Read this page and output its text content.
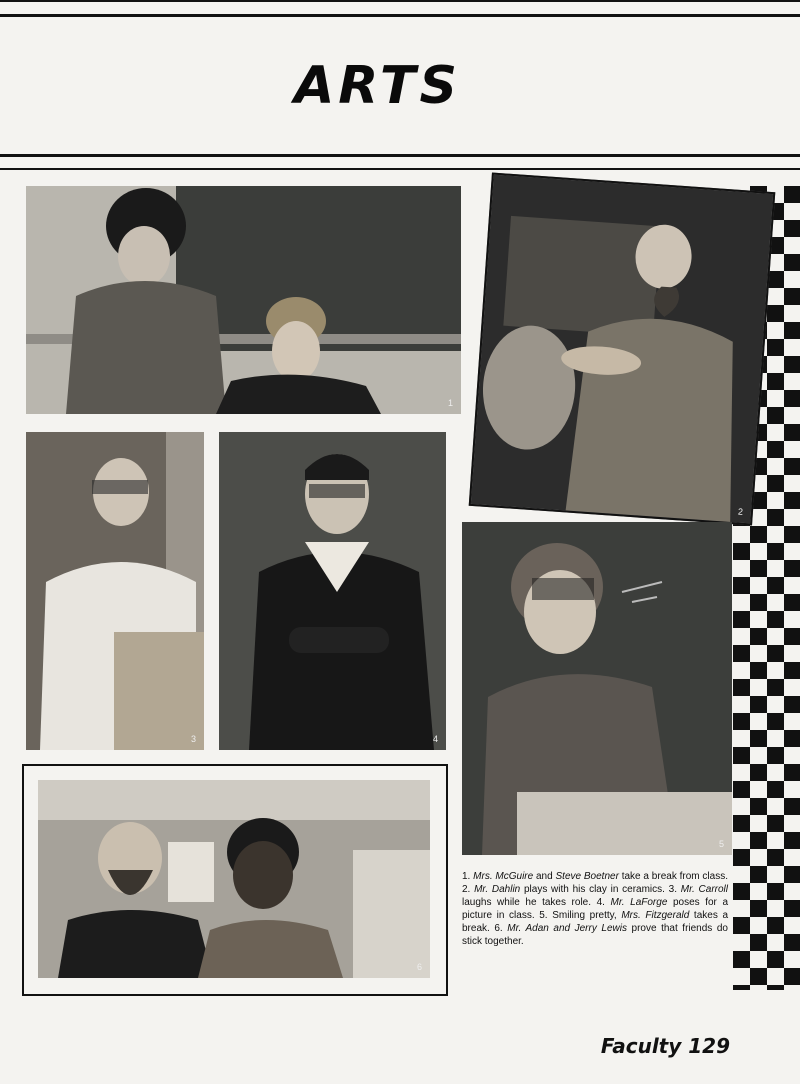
ARTS
1
2
3	4
5
6
1. Mrs. McGuire and Steve Boetner take a break from class. 2. Mr. Dahlin plays with his clay in ceramics. 3. Mr. Carroll laughs while he takes role. 4. Mr. LaForge poses for a picture in class. 5. Smiling pretty, Mrs. Fitzgerald takes a break. 6. Mr. Adan and Jerry Lewis prove that friends do stick together.
Faculty 129
